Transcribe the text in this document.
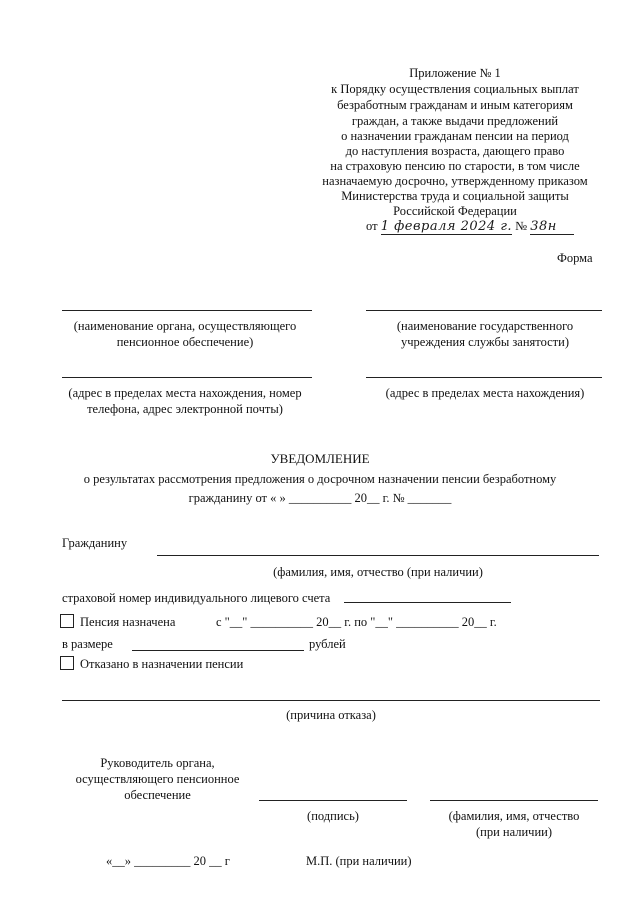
Приложение № 1
к Порядку осуществления социальных выплат
безработным гражданам и иным категориям
граждан, а также выдачи предложений
о назначении гражданам пенсии на период
до наступления возраста, дающего право
на страховую пенсию по старости, в том числе
назначаемую досрочно, утвержденному приказом
Министерства труда и социальной защиты
Российской Федерации
от 1 февраля 2024 г. № 38н
Форма
(наименование органа, осуществляющего
пенсионное обеспечение)
(наименование государственного
учреждения службы занятости)
(адрес в пределах места нахождения, номер
телефона, адрес электронной почты)
(адрес в пределах места нахождения)
УВЕДОМЛЕНИЕ
о результатах рассмотрения предложения о досрочном назначении пенсии безработному
гражданину от « » __________ 20__ г. № _______
Гражданину
(фамилия, имя, отчество (при наличии)
страховой номер индивидуального лицевого счета
Пенсия назначена	с "__" __________ 20__ г. по "__" __________ 20__ г.
в размере	рублей
Отказано в назначении пенсии
(причина отказа)
Руководитель органа,
осуществляющего пенсионное
обеспечение
(подпись)	(фамилия, имя, отчество
(при наличии)
«__» _________ 20 __ г	М.П. (при наличии)
